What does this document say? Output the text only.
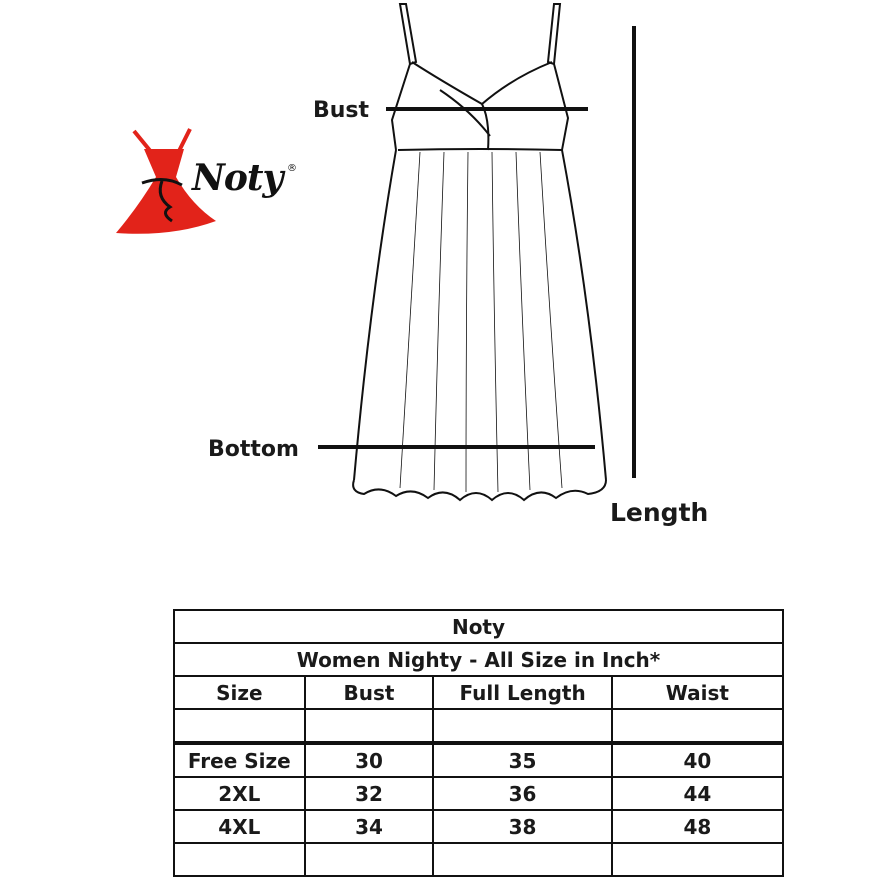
Noty ®
Bust
Bottom
Length
Noty			
Women Nighty - All Size in Inch*			
Size	Bust	Full Length	Waist

Free Size	30	35	40
2XL	32	36	44
4XL	34	38	48
